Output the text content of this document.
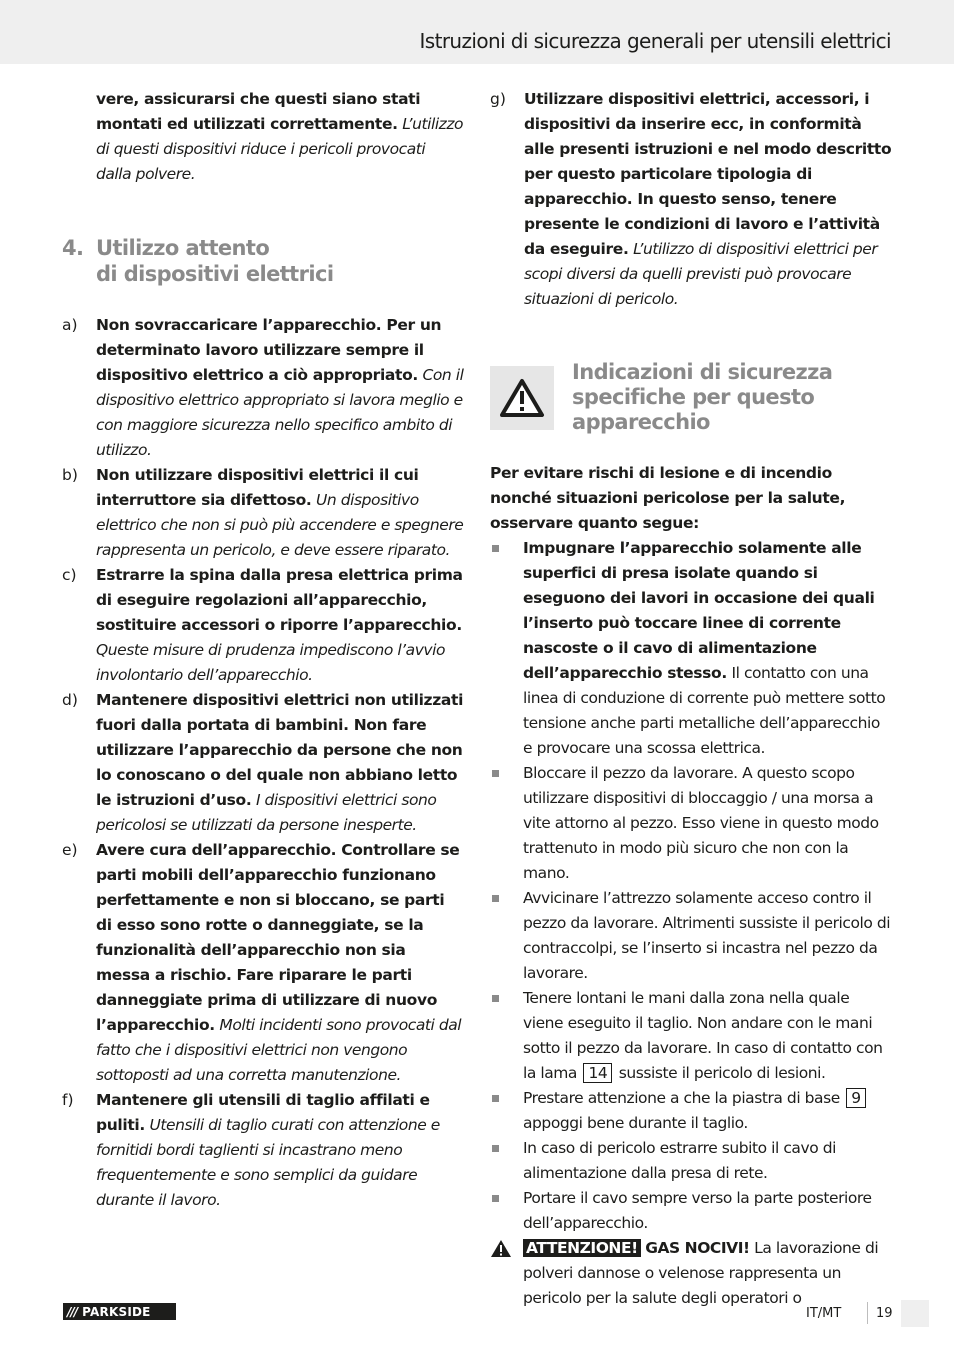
Istruzioni di sicurezza generali per utensili elettrici
vere, assicurarsi che questi siano stati montati ed utilizzati correttamente. L’utilizzo di questi dispositivi riduce i pericoli provocati dalla polvere.
4. Utilizzo attento
di dispositivi elettrici
a)	Non sovraccaricare l’apparecchio. Per un determinato lavoro utilizzare sempre il dispositivo elettrico a ciò appropriato. Con il dispositivo elettrico appropriato si lavora meglio e con maggiore sicurezza nello specifico ambito di utilizzo.
b)	Non utilizzare dispositivi elettrici il cui interruttore sia difettoso. Un dispositivo elettrico che non si può più accendere e spegnere rappresenta un pericolo, e deve essere riparato.
c)	Estrarre la spina dalla presa elettrica prima di eseguire regolazioni all’apparecchio, sostituire accessori o riporre l’apparecchio. Queste misure di prudenza impediscono l’avvio involontario dell’apparecchio.
d)	Mantenere dispositivi elettrici non utilizzati fuori dalla portata di bambini. Non fare utilizzare l’apparecchio da persone che non lo conoscano o del quale non abbiano letto le istruzioni d’uso. I dispositivi elettrici sono pericolosi se utilizzati da persone inesperte.
e)	Avere cura dell’apparecchio. Controllare se parti mobili dell’apparecchio funzionano perfettamente e non si bloccano, se parti di esso sono rotte o danneggiate, se la funzionalità dell’apparecchio non sia messa a rischio. Fare riparare le parti danneggiate prima di utilizzare di nuovo l’apparecchio. Molti incidenti sono provocati dal fatto che i dispositivi elettrici non vengono sottoposti ad una corretta manutenzione.
f)	Mantenere gli utensili di taglio affilati e puliti. Utensili di taglio curati con attenzione e fornitidi bordi taglienti si incastrano meno frequentemente e sono semplici da guidare durante il lavoro.
g)	Utilizzare dispositivi elettrici, accessori, i dispositivi da inserire ecc, in conformità alle presenti istruzioni e nel modo descritto per questo particolare tipologia di apparecchio. In questo senso, tenere presente le condizioni di lavoro e l’attività da eseguire. L’utilizzo di dispositivi elettrici per scopi diversi da quelli previsti può provocare situazioni di pericolo.
Indicazioni di sicurezza specifiche per questo apparecchio
Per evitare rischi di lesione e di incendio nonché situazioni pericolose per la salute, osservare quanto segue:
Impugnare l’apparecchio solamente alle superfici di presa isolate quando si eseguono dei lavori in occasione dei quali l’inserto può toccare linee di corrente nascoste o il cavo di alimentazione dell’apparecchio stesso. Il contatto con una linea di conduzione di corrente può mettere sotto tensione anche parti metalliche dell’apparecchio e provocare una scossa elettrica.
Bloccare il pezzo da lavorare. A questo scopo utilizzare dispositivi di bloccaggio / una morsa a vite attorno al pezzo. Esso viene in questo modo trattenuto in modo più sicuro che non con la mano.
Avvicinare l’attrezzo solamente acceso contro il pezzo da lavorare. Altrimenti sussiste il pericolo di contraccolpi, se l’inserto si incastra nel pezzo da lavorare.
Tenere lontani le mani dalla zona nella quale viene eseguito il taglio. Non andare con le mani sotto il pezzo da lavorare. In caso di contatto con la lama 14 sussiste il pericolo di lesioni.
Prestare attenzione a che la piastra di base 9 appoggi bene durante il taglio.
In caso di pericolo estrarre subito il cavo di alimentazione dalla presa di rete.
Portare il cavo sempre verso la parte posteriore dell’apparecchio.
ATTENZIONE! GAS NOCIVI! La lavorazione di polveri dannose o velenose rappresenta un pericolo per la salute degli operatori o
/// PARKSIDE	IT/MT	19
